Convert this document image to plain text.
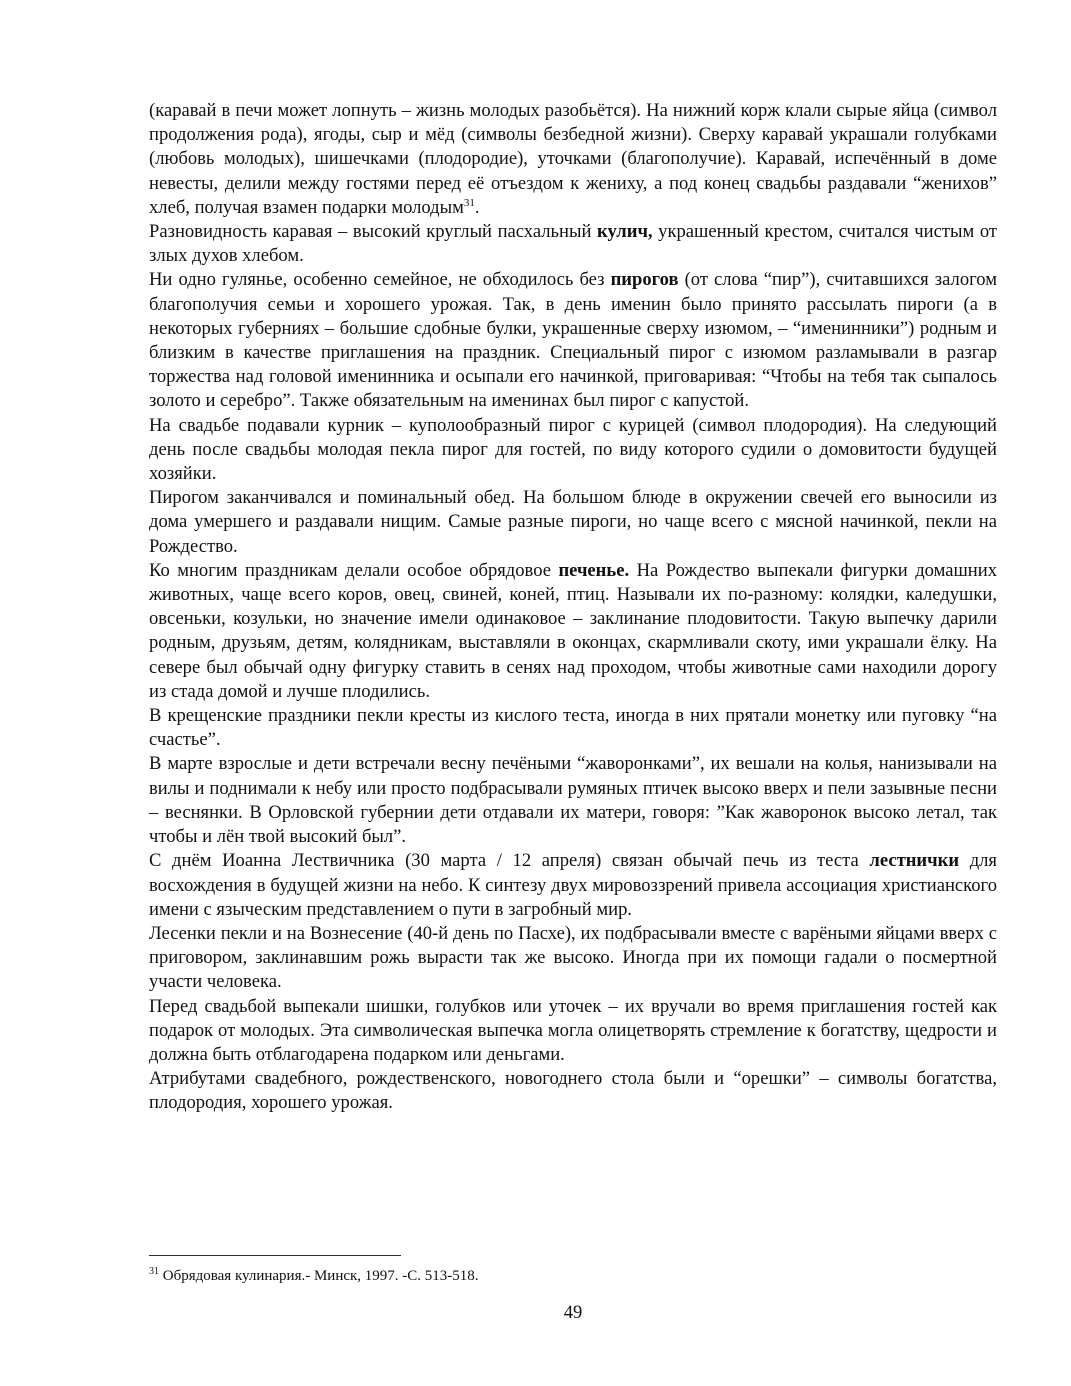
(каравай в печи может лопнуть – жизнь молодых разобьётся). На нижний корж клали сырые яйца (символ продолжения рода), ягоды, сыр и мёд (символы безбедной жизни). Сверху каравай украшали голубками (любовь молодых), шишечками (плодородие), уточками (благополучие). Каравай, испечённый в доме невесты, делили между гостями перед её отъездом к жениху, а под конец свадьбы раздавали “женихов” хлеб, получая взамен подарки молодым$^{31}$.

Разновидность каравая – высокий круглый пасхальный кулич, украшенный крестом, считался чистым от злых духов хлебом.

Ни одно гулянье, особенно семейное, не обходилось без пирогов (от слова “пир”), считавшихся залогом благополучия семьи и хорошего урожая. Так, в день именин было принято рассылать пироги (а в некоторых губерниях – большие сдобные булки, украшенные сверху изюмом, – “именинники”) родным и близким в качестве приглашения на праздник. Специальный пирог с изюмом разламывали в разгар торжества над головой именинника и осыпали его начинкой, приговаривая: “Чтобы на тебя так сыпалось золото и серебро”. Также обязательным на именинах был пирог с капустой.

На свадьбе подавали курник – куполообразный пирог с курицей (символ плодородия). На следующий день после свадьбы молодая пекла пирог для гостей, по виду которого судили о домовитости будущей хозяйки.

Пирогом заканчивался и поминальный обед. На большом блюде в окружении свечей его выносили из дома умершего и раздавали нищим. Самые разные пироги, но чаще всего с мясной начинкой, пекли на Рождество.

Ко многим праздникам делали особое обрядовое печенье. На Рождество выпекали фигурки домашних животных, чаще всего коров, овец, свиней, коней, птиц. Называли их по-разному: колядки, каледушки, овсеньки, козульки, но значение имели одинаковое – заклинание плодовитости. Такую выпечку дарили родным, друзьям, детям, колядникам, выставляли в оконцах, скармливали скоту, ими украшали ёлку. На севере был обычай одну фигурку ставить в сенях над проходом, чтобы животные сами находили дорогу из стада домой и лучше плодились.

В крещенские праздники пекли кресты из кислого теста, иногда в них прятали монетку или пуговку “на счастье”.

В марте взрослые и дети встречали весну печёными “жаворонками”, их вешали на колья, нанизывали на вилы и поднимали к небу или просто подбрасывали румяных птичек высоко вверх и пели зазывные песни – веснянки. В Орловской губернии дети отдавали их матери, говоря: ”Как жаворонок высоко летал, так чтобы и лён твой высокий был”.

С днём Иоанна Лествичника (30 марта / 12 апреля) связан обычай печь из теста лестнички для восхождения в будущей жизни на небо. К синтезу двух мировоззрений привела ассоциация христианского имени с языческим представлением о пути в загробный мир.

Лесенки пекли и на Вознесение (40-й день по Пасхе), их подбрасывали вместе с варёными яйцами вверх с приговором, заклинавшим рожь вырасти так же высоко. Иногда при их помощи гадали о посмертной участи человека.

Перед свадьбой выпекали шишки, голубков или уточек – их вручали во время приглашения гостей как подарок от молодых. Эта символическая выпечка могла олицетворять стремление к богатству, щедрости и должна быть отблагодарена подарком или деньгами.

Атрибутами свадебного, рождественского, новогоднего стола были и “орешки” – символы богатства, плодородия, хорошего урожая.

$^{31}$ Обрядовая кулинария.- Минск, 1997. -С. 513-518.
49
